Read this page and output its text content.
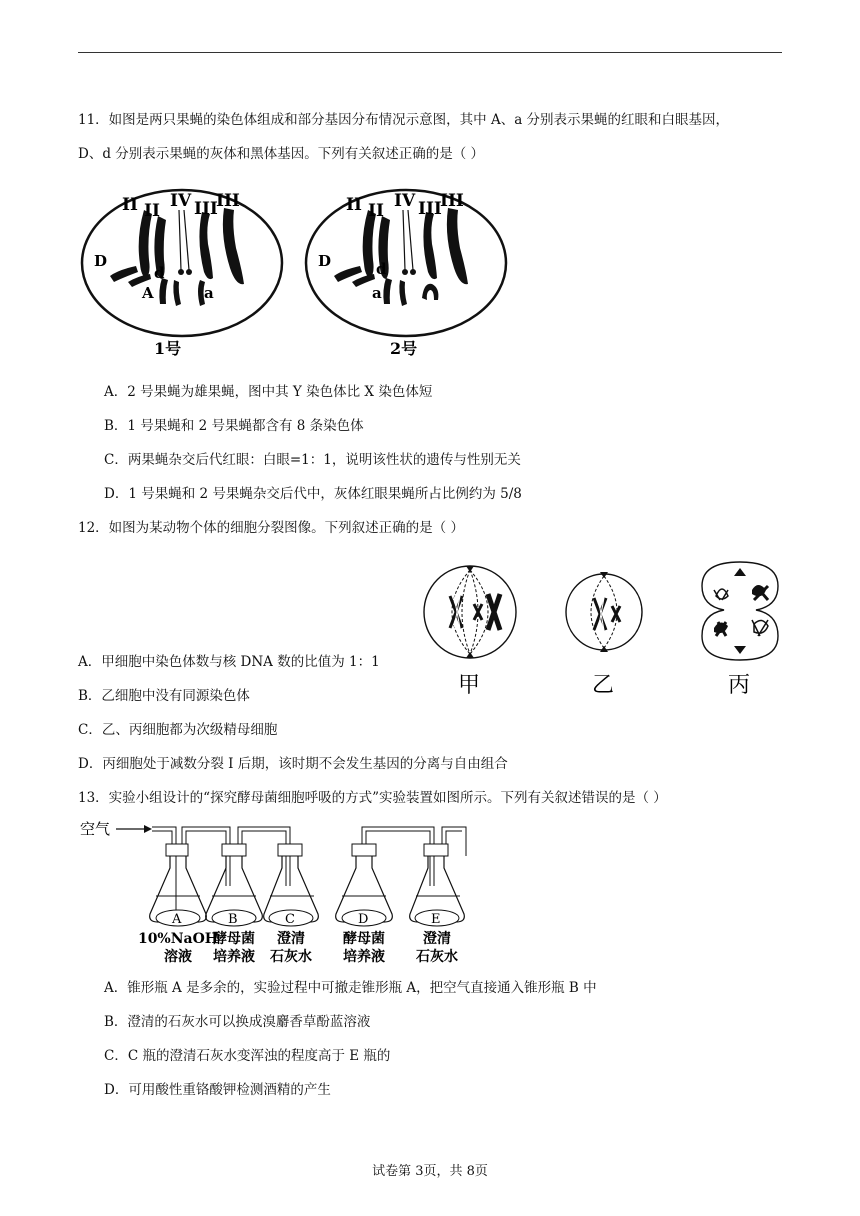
11．如图是两只果蝇的染色体组成和部分基因分布情况示意图，其中 A、a 分别表示果蝇的红眼和白眼基因，
D、d 分别表示果蝇的灰体和黑体基因。下列有关叙述正确的是（ ）
II II IV III
III
D
d
A	a
1号
II II IV III
III
D	d
a
2号
A．2 号果蝇为雄果蝇，图中其 Y 染色体比 X 染色体短
B．1 号果蝇和 2 号果蝇都含有 8 条染色体
C．两果蝇杂交后代红眼：白眼=1：1，说明该性状的遗传与性别无关
D．1 号果蝇和 2 号果蝇杂交后代中，灰体红眼果蝇所占比例约为 5/8
12．如图为某动物个体的细胞分裂图像。下列叙述正确的是（ ）
甲	乙	丙
A．甲细胞中染色体数与核 DNA 数的比值为 1：1
B．乙细胞中没有同源染色体
C．乙、丙细胞都为次级精母细胞
D．丙细胞处于减数分裂 I 后期，该时期不会发生基因的分离与自由组合
13．实验小组设计的“探究酵母菌细胞呼吸的方式”实验装置如图所示。下列有关叙述错误的是（ ）
空气
A	B	C	D	E
10%NaOH
溶液
酵母菌
培养液
澄清
石灰水
酵母菌
培养液
澄清
石灰水
A．锥形瓶 A 是多余的，实验过程中可撤走锥形瓶 A，把空气直接通入锥形瓶 B 中
B．澄清的石灰水可以换成溴麝香草酚蓝溶液
C．C 瓶的澄清石灰水变浑浊的程度高于 E 瓶的
D．可用酸性重铬酸钾检测酒精的产生
试卷第 3页，共 8页
